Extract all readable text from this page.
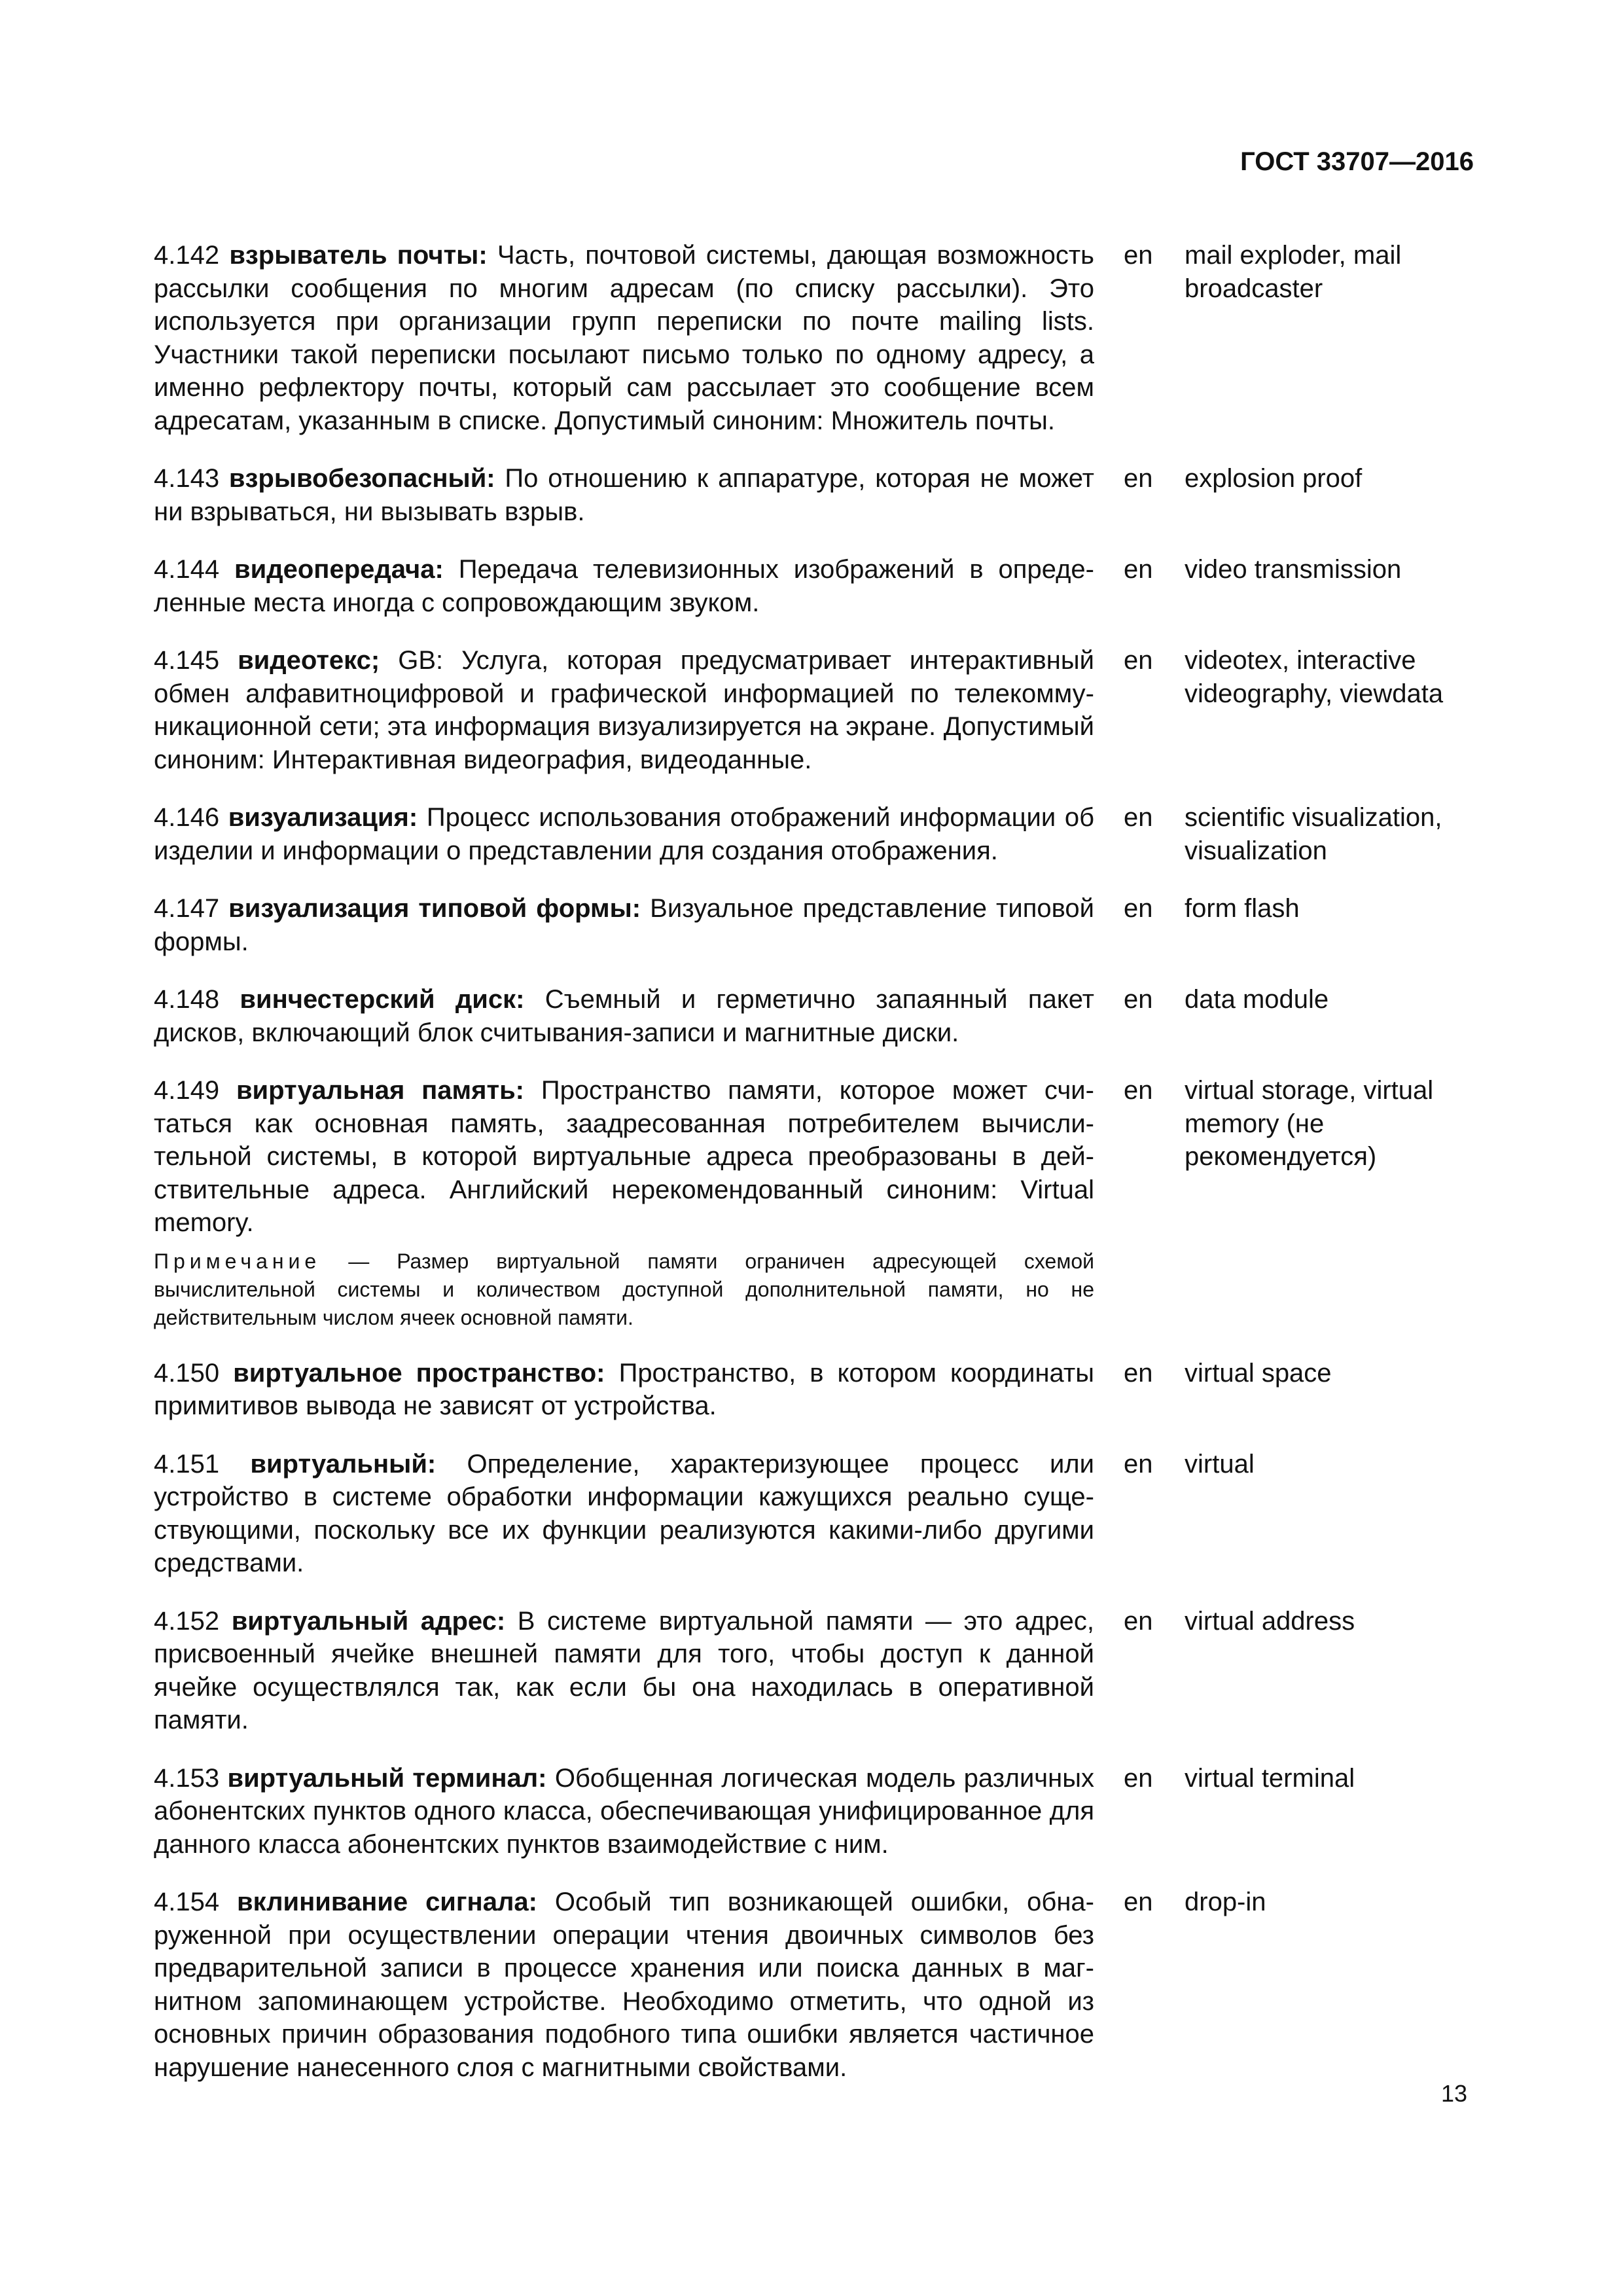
ГОСТ 33707—2016
4.142 взрыватель почты: Часть, почтовой системы, дающая возможность рассылки сообщения по многим адресам (по списку рассылки). Это используется при организации групп переписки по почте mailing lists. Участники такой переписки посылают письмо только по одному адресу, а именно рефлектору почты, который сам рассылает это сообщение всем адресатам, указанным в списке. Допустимый синоним: Множитель почты.
en	mail exploder, mail broadcaster
4.143 взрывобезопасный: По отношению к аппаратуре, которая не может ни взрываться, ни вызывать взрыв.
en	explosion proof
4.144 видеопередача: Передача телевизионных изображений в определенные места иногда с сопровождающим звуком.
en	video transmission
4.145 видеотекс; GB: Услуга, которая предусматривает интерактивный обмен алфавитноцифровой и графической информацией по телекоммуникационной сети; эта информация визуализируется на экране. Допустимый синоним: Интерактивная видеография, видеоданные.
en	videotex, interactive videography, viewdata
4.146 визуализация: Процесс использования отображений информации об изделии и информации о представлении для создания отображения.
en	scientific visualization, visualization
4.147 визуализация типовой формы: Визуальное представление типовой формы.
en	form flash
4.148 винчестерский диск: Съемный и герметично запаянный пакет дисков, включающий блок считывания-записи и магнитные диски.
en	data module
4.149 виртуальная память: Пространство памяти, которое может считаться как основная память, заадресованная потребителем вычислительной системы, в которой виртуальные адреса преобразованы в действительные адреса. Английский нерекомендованный синоним: Virtual memory.
en	virtual storage, virtual memory (не рекомендуется)
Примечание — Размер виртуальной памяти ограничен адресующей схемой вычислительной системы и количеством доступной дополнительной памяти, но не действительным числом ячеек основной памяти.
4.150 виртуальное пространство: Пространство, в котором координаты примитивов вывода не зависят от устройства.
en	virtual space
4.151 виртуальный: Определение, характеризующее процесс или устройство в системе обработки информации кажущихся реально существующими, поскольку все их функции реализуются какими-либо другими средствами.
en	virtual
4.152 виртуальный адрес: В системе виртуальной памяти — это адрес, присвоенный ячейке внешней памяти для того, чтобы доступ к данной ячейке осуществлялся так, как если бы она находилась в оперативной памяти.
en	virtual address
4.153 виртуальный терминал: Обобщенная логическая модель различных абонентских пунктов одного класса, обеспечивающая унифицированное для данного класса абонентских пунктов взаимодействие с ним.
en	virtual terminal
4.154 вклинивание сигнала: Особый тип возникающей ошибки, обнаруженной при осуществлении операции чтения двоичных символов без предварительной записи в процессе хранения или поиска данных в магнитном запоминающем устройстве. Необходимо отметить, что одной из основных причин образования подобного типа ошибки является частичное нарушение нанесенного слоя с магнитными свойствами.
en	drop-in
13
